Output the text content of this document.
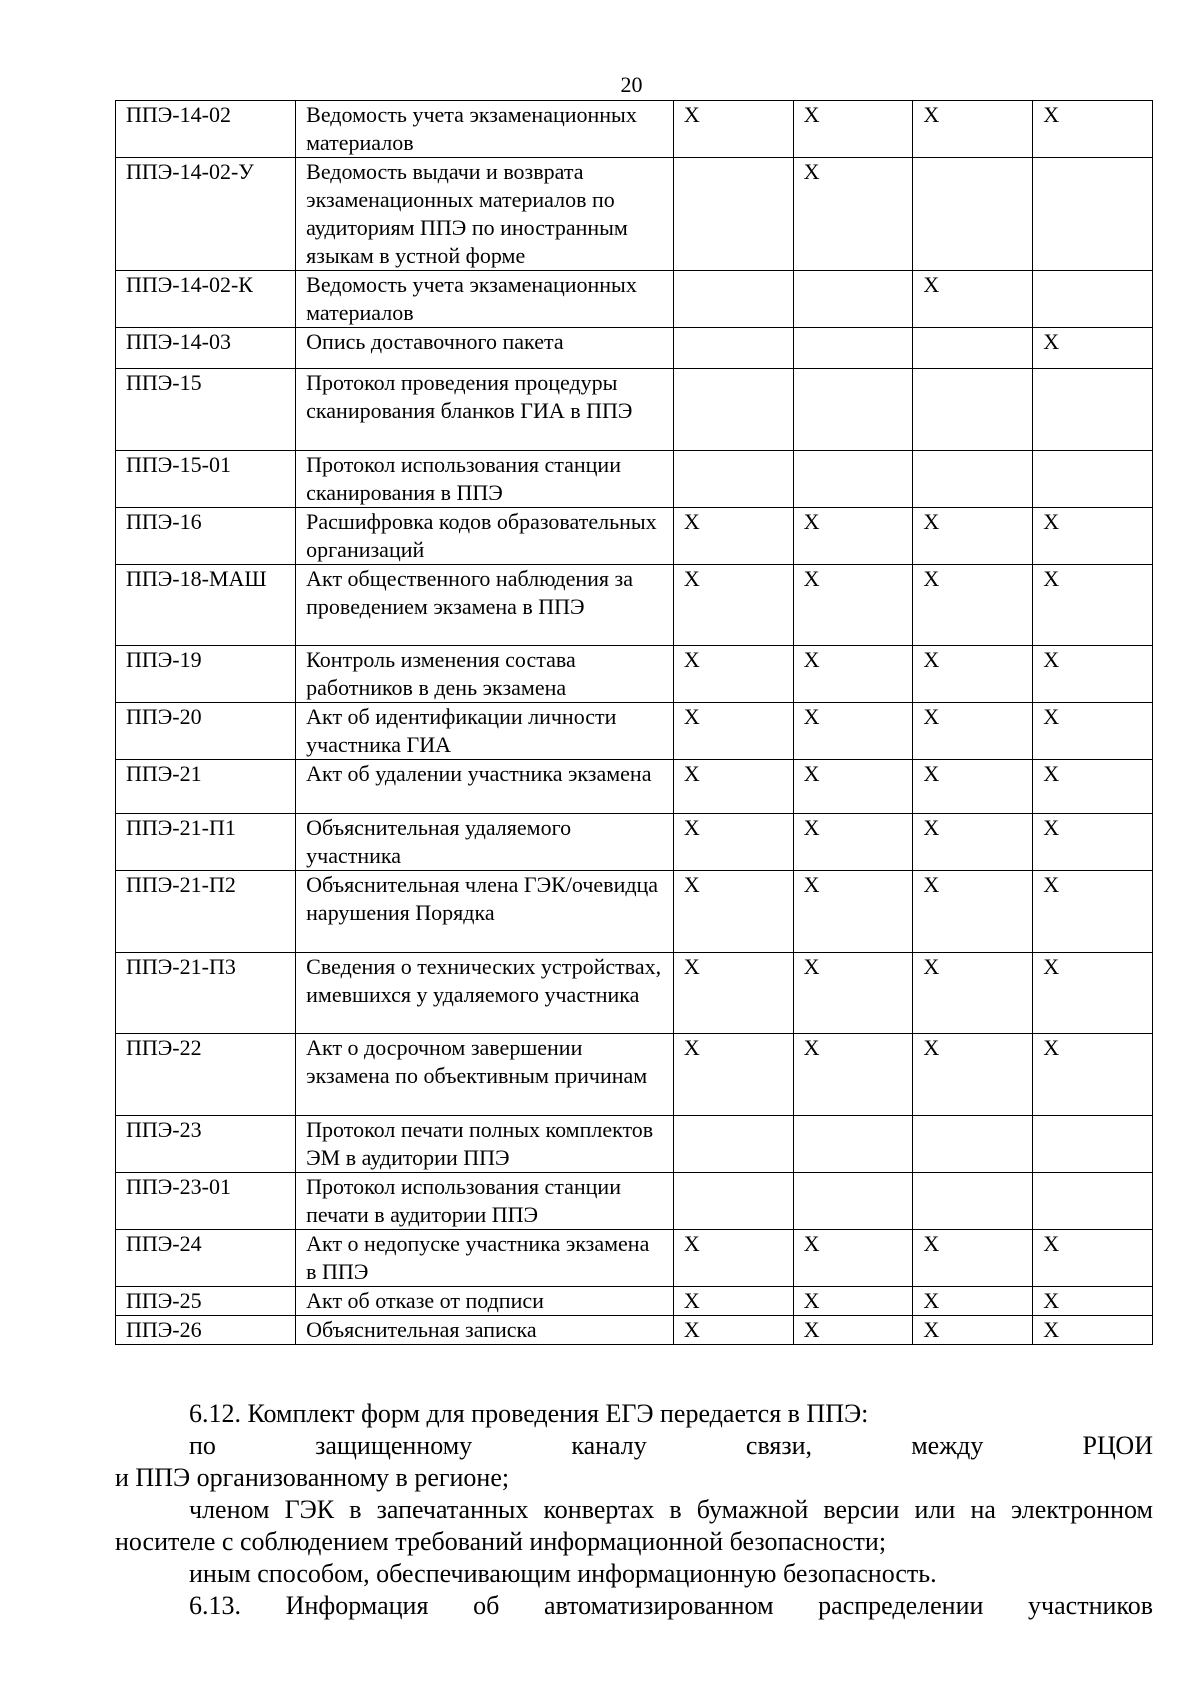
20
ППЭ-14-02	Ведомость учета экзаменационных материалов	X	X	X	X
ППЭ-14-02-У	Ведомость выдачи и возврата экзаменационных материалов по аудиториям ППЭ по иностранным языкам в устной форме		X		
ППЭ-14-02-К	Ведомость учета экзаменационных материалов			X	
ППЭ-14-03	Опись доставочного пакета				X
ППЭ-15	Протокол проведения процедуры сканирования бланков ГИА в ППЭ				
ППЭ-15-01	Протокол использования станции сканирования в ППЭ				
ППЭ-16	Расшифровка кодов образовательных организаций	X	X	X	X
ППЭ-18-МАШ	Акт общественного наблюдения за проведением экзамена в ППЭ	X	X	X	X
ППЭ-19	Контроль изменения состава работников в день экзамена	X	X	X	X
ППЭ-20	Акт об идентификации личности участника ГИА	X	X	X	X
ППЭ-21	Акт об удалении участника экзамена	X	X	X	X
ППЭ-21-П1	Объяснительная удаляемого участника	X	X	X	X
ППЭ-21-П2	Объяснительная члена ГЭК/очевидца нарушения Порядка	X	X	X	X
ППЭ-21-П3	Сведения о технических устройствах, имевшихся у удаляемого участника	X	X	X	X
ППЭ-22	Акт о досрочном завершении экзамена по объективным причинам	X	X	X	X
ППЭ-23	Протокол печати полных комплектов ЭМ в аудитории ППЭ				
ППЭ-23-01	Протокол использования станции печати в аудитории ППЭ				
ППЭ-24	Акт о недопуске участника экзамена в ППЭ	X	X	X	X
ППЭ-25	Акт об отказе от подписи	X	X	X	X
ППЭ-26	Объяснительная записка	X	X	X	X

6.12. Комплект форм для проведения ЕГЭ передается в ППЭ:

по защищенному каналу связи, между РЦОИ

и ППЭ организованному в регионе;

членом ГЭК в запечатанных конвертах в бумажной версии или на электронном носителе с соблюдением требований информационной безопасности;

иным способом, обеспечивающим информационную безопасность.

6.13. Информация об автоматизированном распределении участников
